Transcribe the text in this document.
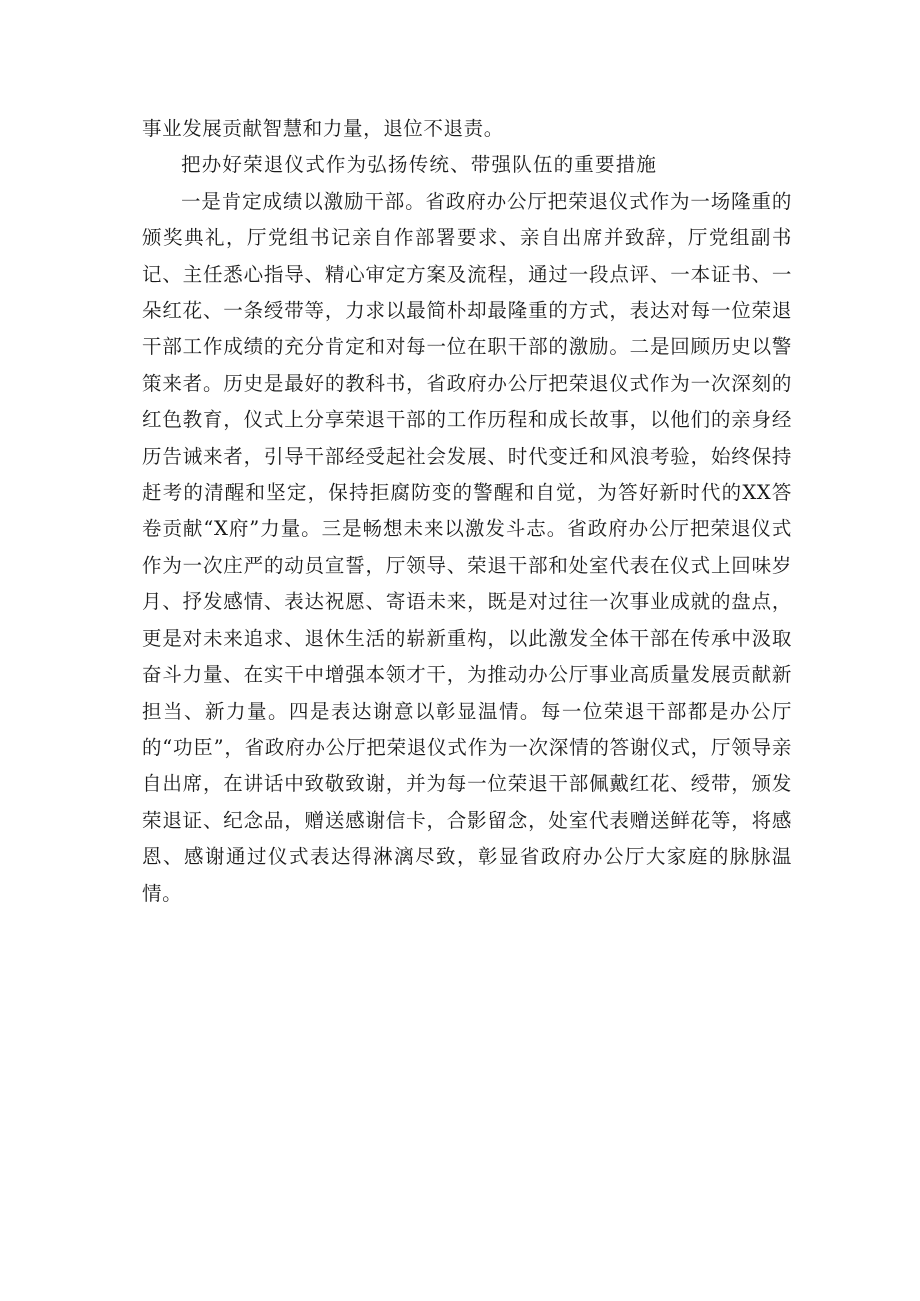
事业发展贡献智慧和力量，退位不退责。

把办好荣退仪式作为弘扬传统、带强队伍的重要措施

一是肯定成绩以激励干部。省政府办公厅把荣退仪式作为一场隆重的颁奖典礼，厅党组书记亲自作部署要求、亲自出席并致辞，厅党组副书记、主任悉心指导、精心审定方案及流程，通过一段点评、一本证书、一朵红花、一条绶带等，力求以最简朴却最隆重的方式，表达对每一位荣退干部工作成绩的充分肯定和对每一位在职干部的激励。二是回顾历史以警策来者。历史是最好的教科书，省政府办公厅把荣退仪式作为一次深刻的红色教育，仪式上分享荣退干部的工作历程和成长故事，以他们的亲身经历告诫来者，引导干部经受起社会发展、时代变迁和风浪考验，始终保持赶考的清醒和坚定，保持拒腐防变的警醒和自觉，为答好新时代的XX答卷贡献“X府”力量。三是畅想未来以激发斗志。省政府办公厅把荣退仪式作为一次庄严的动员宣誓，厅领导、荣退干部和处室代表在仪式上回味岁月、抒发感情、表达祝愿、寄语未来，既是对过往一次事业成就的盘点，更是对未来追求、退休生活的崭新重构，以此激发全体干部在传承中汲取奋斗力量、在实干中增强本领才干，为推动办公厅事业高质量发展贡献新担当、新力量。四是表达谢意以彰显温情。每一位荣退干部都是办公厅的“功臣”，省政府办公厅把荣退仪式作为一次深情的答谢仪式，厅领导亲自出席，在讲话中致敬致谢，并为每一位荣退干部佩戴红花、绶带，颁发荣退证、纪念品，赠送感谢信卡，合影留念，处室代表赠送鲜花等，将感恩、感谢通过仪式表达得淋漓尽致，彰显省政府办公厅大家庭的脉脉温情。
